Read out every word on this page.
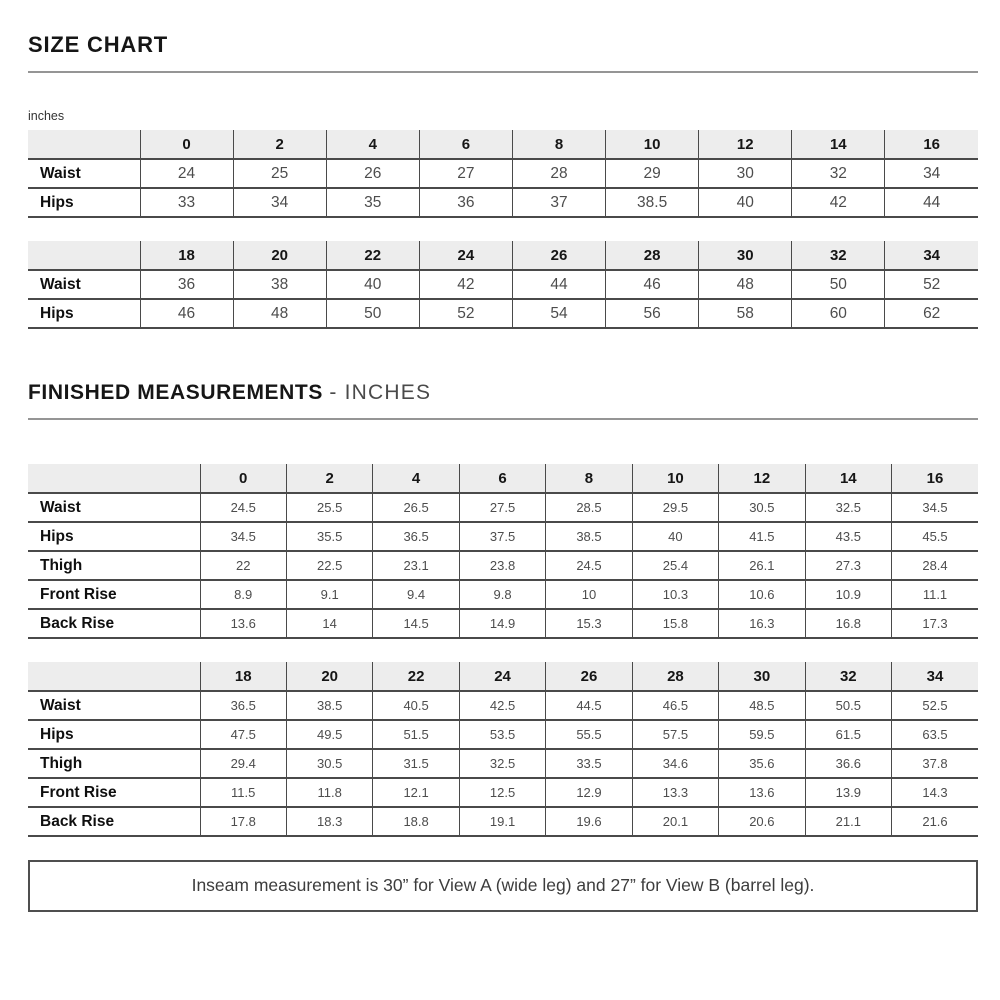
SIZE CHART
inches
	0	2	4	6	8	10	12	14	16
Waist	24	25	26	27	28	29	30	32	34
Hips	33	34	35	36	37	38.5	40	42	44
	18	20	22	24	26	28	30	32	34
Waist	36	38	40	42	44	46	48	50	52
Hips	46	48	50	52	54	56	58	60	62
FINISHED MEASUREMENTS - INCHES
	0	2	4	6	8	10	12	14	16
Waist	24.5	25.5	26.5	27.5	28.5	29.5	30.5	32.5	34.5
Hips	34.5	35.5	36.5	37.5	38.5	40	41.5	43.5	45.5
Thigh	22	22.5	23.1	23.8	24.5	25.4	26.1	27.3	28.4
Front Rise	8.9	9.1	9.4	9.8	10	10.3	10.6	10.9	11.1
Back Rise	13.6	14	14.5	14.9	15.3	15.8	16.3	16.8	17.3
	18	20	22	24	26	28	30	32	34
Waist	36.5	38.5	40.5	42.5	44.5	46.5	48.5	50.5	52.5
Hips	47.5	49.5	51.5	53.5	55.5	57.5	59.5	61.5	63.5
Thigh	29.4	30.5	31.5	32.5	33.5	34.6	35.6	36.6	37.8
Front Rise	11.5	11.8	12.1	12.5	12.9	13.3	13.6	13.9	14.3
Back Rise	17.8	18.3	18.8	19.1	19.6	20.1	20.6	21.1	21.6
Inseam measurement is 30” for View A (wide leg) and 27” for View B (barrel leg).
